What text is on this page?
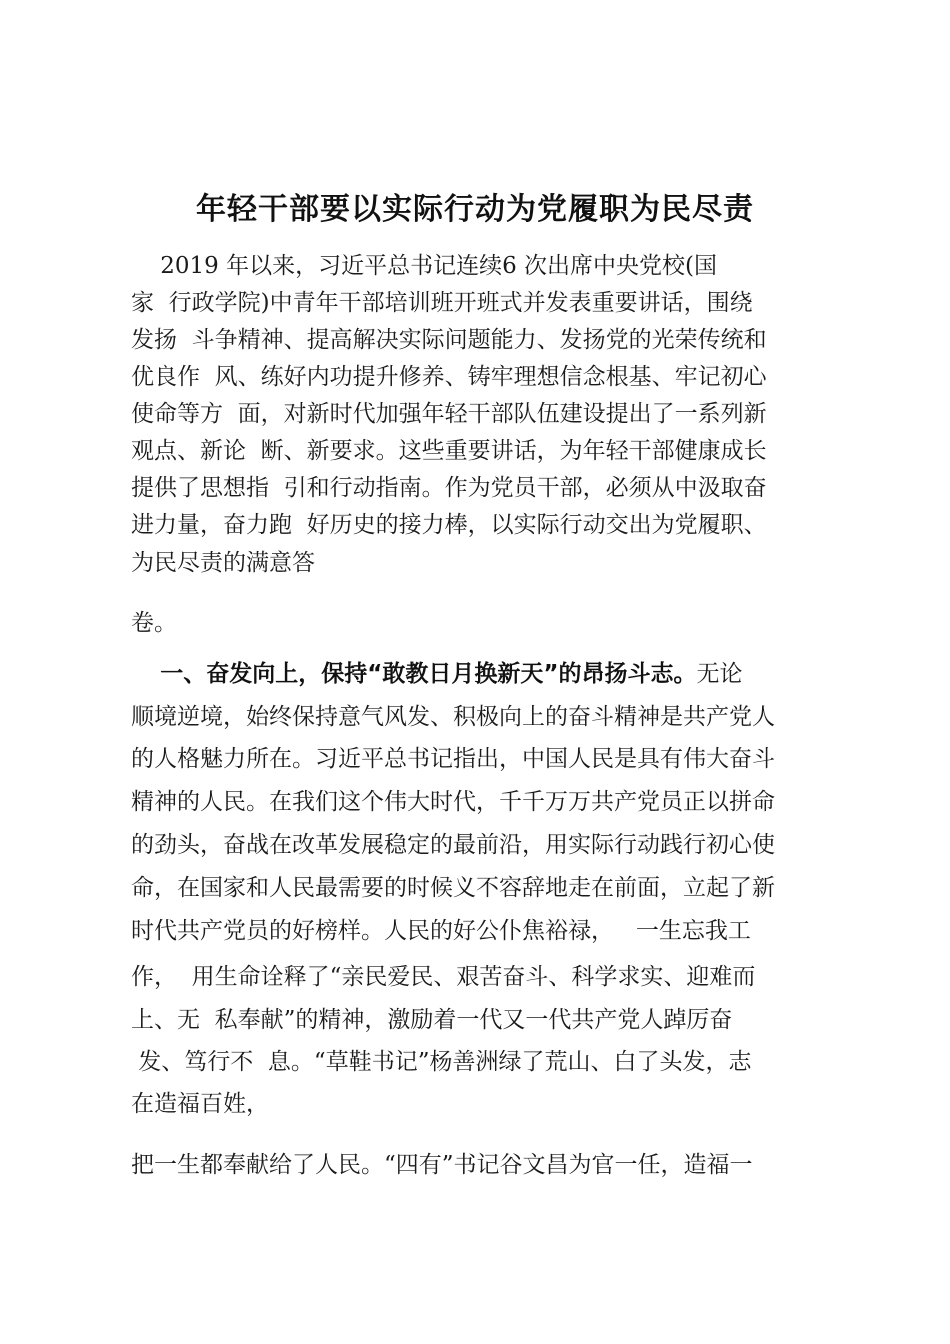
年轻干部要以实际行动为党履职为民尽责
2019 年以来，习近平总书记连续6 次出席中央党校(国
家  行政学院)中青年干部培训班开班式并发表重要讲话，围绕
发扬  斗争精神、提高解决实际问题能力、发扬党的光荣传统和
优良作  风、练好内功提升修养、铸牢理想信念根基、牢记初心
使命等方  面，对新时代加强年轻干部队伍建设提出了一系列新
观点、新论  断、新要求。这些重要讲话，为年轻干部健康成长
提供了思想指  引和行动指南。作为党员干部，必须从中汲取奋
进力量，奋力跑  好历史的接力棒，以实际行动交出为党履职、
为民尽责的满意答
卷。
一、奋发向上，保持“敢教日月换新天”的昂扬斗志。无论
顺境逆境，始终保持意气风发、积极向上的奋斗精神是共产党人
的人格魅力所在。习近平总书记指出，中国人民是具有伟大奋斗
精神的人民。在我们这个伟大时代，千千万万共产党员正以拼命
的劲头，奋战在改革发展稳定的最前沿，用实际行动践行初心使
命，在国家和人民最需要的时候义不容辞地走在前面，立起了新
时代共产党员的好榜样。人民的好公仆焦裕禄，   一生忘我工
作，  用生命诠释了“亲民爱民、艰苦奋斗、科学求实、迎难而
上、无  私奉献”的精神，激励着一代又一代共产党人踔厉奋
发、笃行不  息。“草鞋书记”杨善洲绿了荒山、白了头发，志
在造福百姓，
把一生都奉献给了人民。“四有”书记谷文昌为官一任，造福一
